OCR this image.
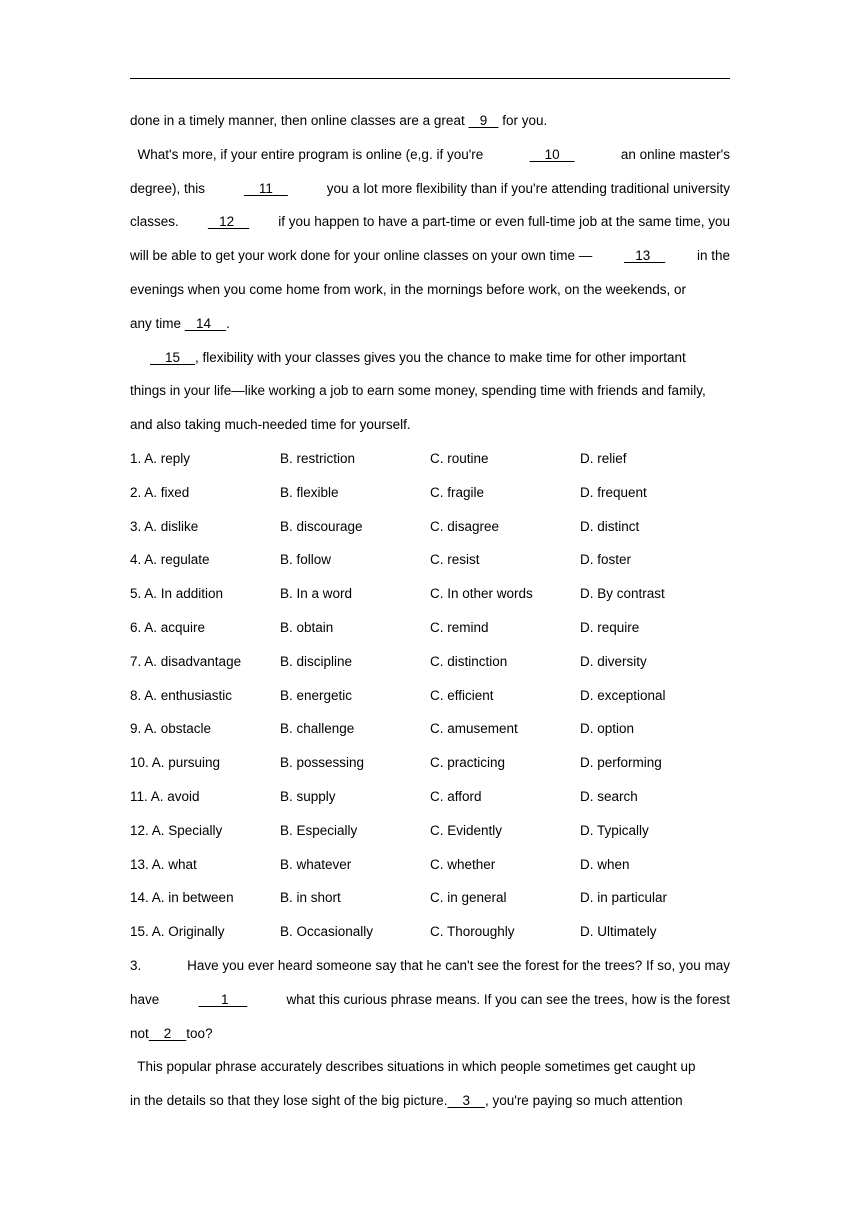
done in a timely manner, then online classes are a great    9    for you.
What's more, if your entire program is online (e,g. if you're	10	an online master's
degree), this	11	you a lot more flexibility than if you're attending traditional university
classes. 12 if you happen to have a part-time or even full-time job at the same time, you
will be able to get your work done for your online classes on your own time — 13 in the
evenings when you come home from work, in the mornings before work, on the weekends, or
any time    14    .
15    , flexibility with your classes gives you the chance to make time for other important
things in your life—like working a job to earn some money, spending time with friends and family,
and also taking much-needed time for yourself.
1. A. reply	B. restriction	C. routine	D. relief
2. A. fixed	B. flexible	C. fragile	D. frequent
3. A. dislike	B. discourage	C. disagree	D. distinct
4. A. regulate	B. follow	C. resist	D. foster
5. A. In addition	B. In a word	C. In other words	D. By contrast
6. A. acquire	B. obtain	C. remind	D. require
7. A. disadvantage	B. discipline	C. distinction	D. diversity
8. A. enthusiastic	B. energetic	C. efficient	D. exceptional
9. A. obstacle	B. challenge	C. amusement	D. option
10. A. pursuing	B. possessing	C. practicing	D. performing
11. A. avoid	B. supply	C. afford	D. search
12. A. Specially	B. Especially	C. Evidently	D. Typically
13. A. what	B. whatever	C. whether	D. when
14. A. in between	B. in short	C. in general	D. in particular
15. A. Originally	B. Occasionally	C. Thoroughly	D. Ultimately
3.	Have you ever heard someone say that he can't see the forest for the trees? If so, you may
have	1	what this curious phrase means. If you can see the trees, how is the forest
not    2    too?
This popular phrase accurately describes situations in which people sometimes get caught up
in the details so that they lose sight of the big picture.    3    , you're paying so much attention
